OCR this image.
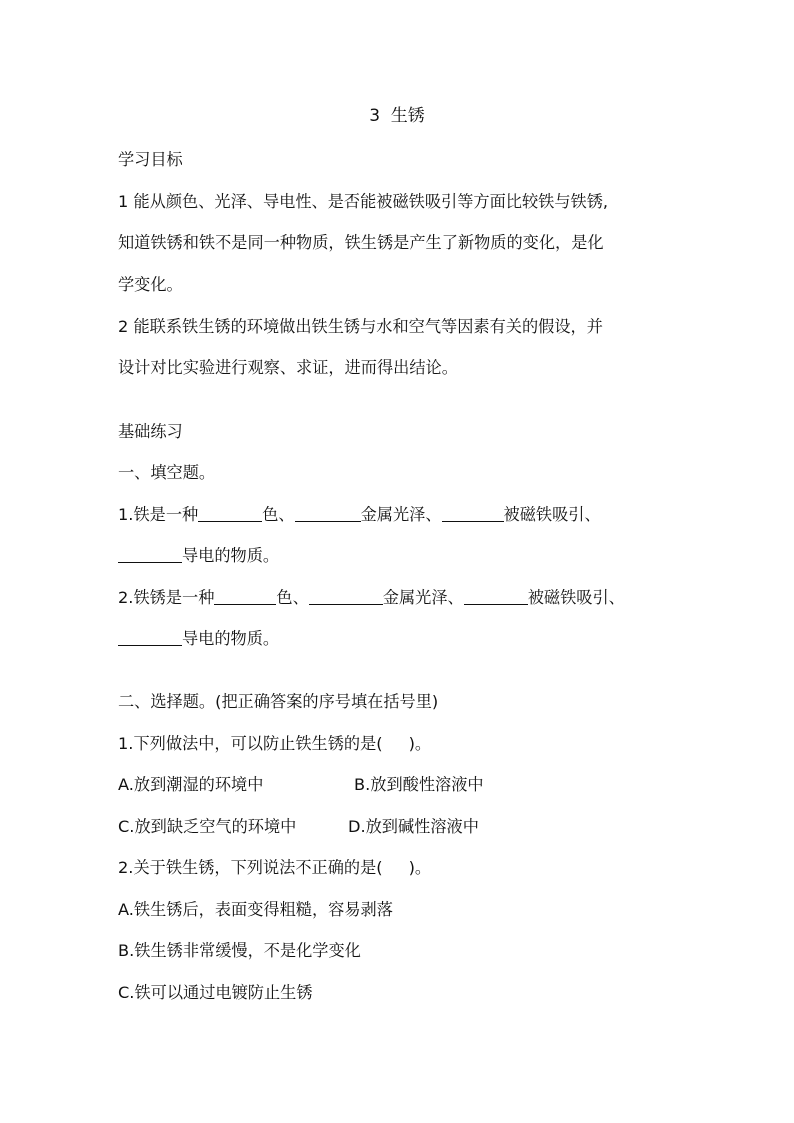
3  生锈
学习目标
1 能从颜色、光泽、导电性、是否能被磁铁吸引等方面比较铁与铁锈,
知道铁锈和铁不是同一种物质，铁生锈是产生了新物质的变化，是化
学变化。
2 能联系铁生锈的环境做出铁生锈与水和空气等因素有关的假设，并
设计对比实验进行观察、求证，进而得出结论。
基础练习
一、填空题。
1.铁是一种	色、	金属光泽、	被磁铁吸引、
导电的物质。
2.铁锈是一种	色、	金属光泽、	被磁铁吸引、
导电的物质。
二、选择题。(把正确答案的序号填在括号里)
1.下列做法中，可以防止铁生锈的是( )。
A.放到潮湿的环境中	B.放到酸性溶液中
C.放到缺乏空气的环境中	D.放到碱性溶液中
2.关于铁生锈，下列说法不正确的是( )。
A.铁生锈后，表面变得粗糙，容易剥落
B.铁生锈非常缓慢，不是化学变化
C.铁可以通过电镀防止生锈
